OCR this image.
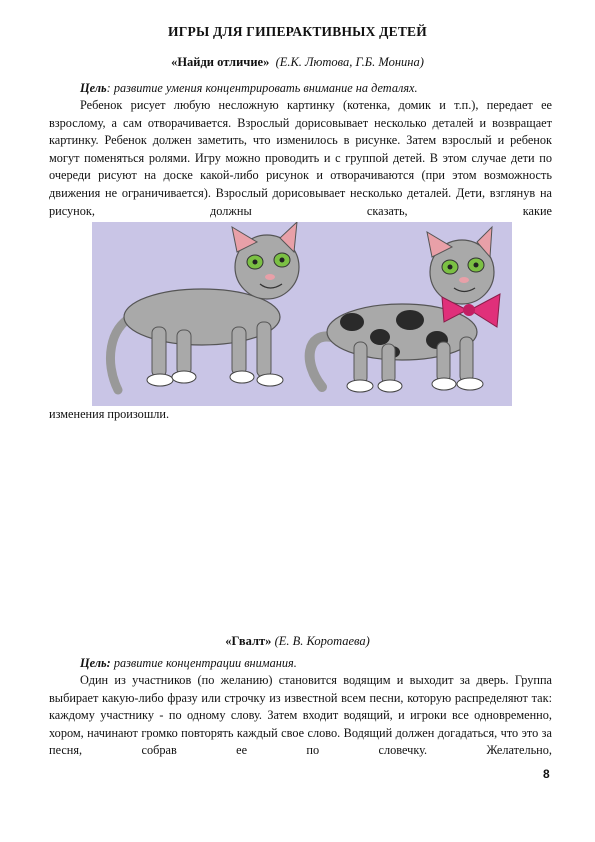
ИГРЫ ДЛЯ ГИПЕРАКТИВНЫХ ДЕТЕЙ
«Найди отличие» (Е.К. Лютова, Г.Б. Монина)
Цель: развитие умения концентрировать внимание на деталях.
Ребенок рисует любую несложную картинку (котенка, домик и т.п.), передает ее взрослому, а сам отворачивается. Взрослый дорисовывает несколько деталей и возвращает картинку. Ребенок должен заметить, что изменилось в рисунке. Затем взрослый и ребенок могут поменяться ролями. Игру можно проводить и с группой детей. В этом случае дети по очереди рисуют на доске какой-либо рисунок и отворачиваются (при этом возможность движения не ограничивается). Взрослый дорисовывает несколько деталей. Дети, взглянув на рисунок, должны сказать, какие
изменения произошли.
«Гвалт» (Е. В. Коротаева)
Цель: развитие концентрации внимания.
Один из участников (по желанию) становится водящим и выходит за дверь. Группа выбирает какую-либо фразу или строчку из известной всем песни, которую распределяют так: каждому участнику - по одному слову. Затем входит водящий, и игроки все одновременно, хором, начинают громко повторять каждый свое слово. Водящий должен догадаться, что это за песня, собрав ее по словечку. Желательно,
8
